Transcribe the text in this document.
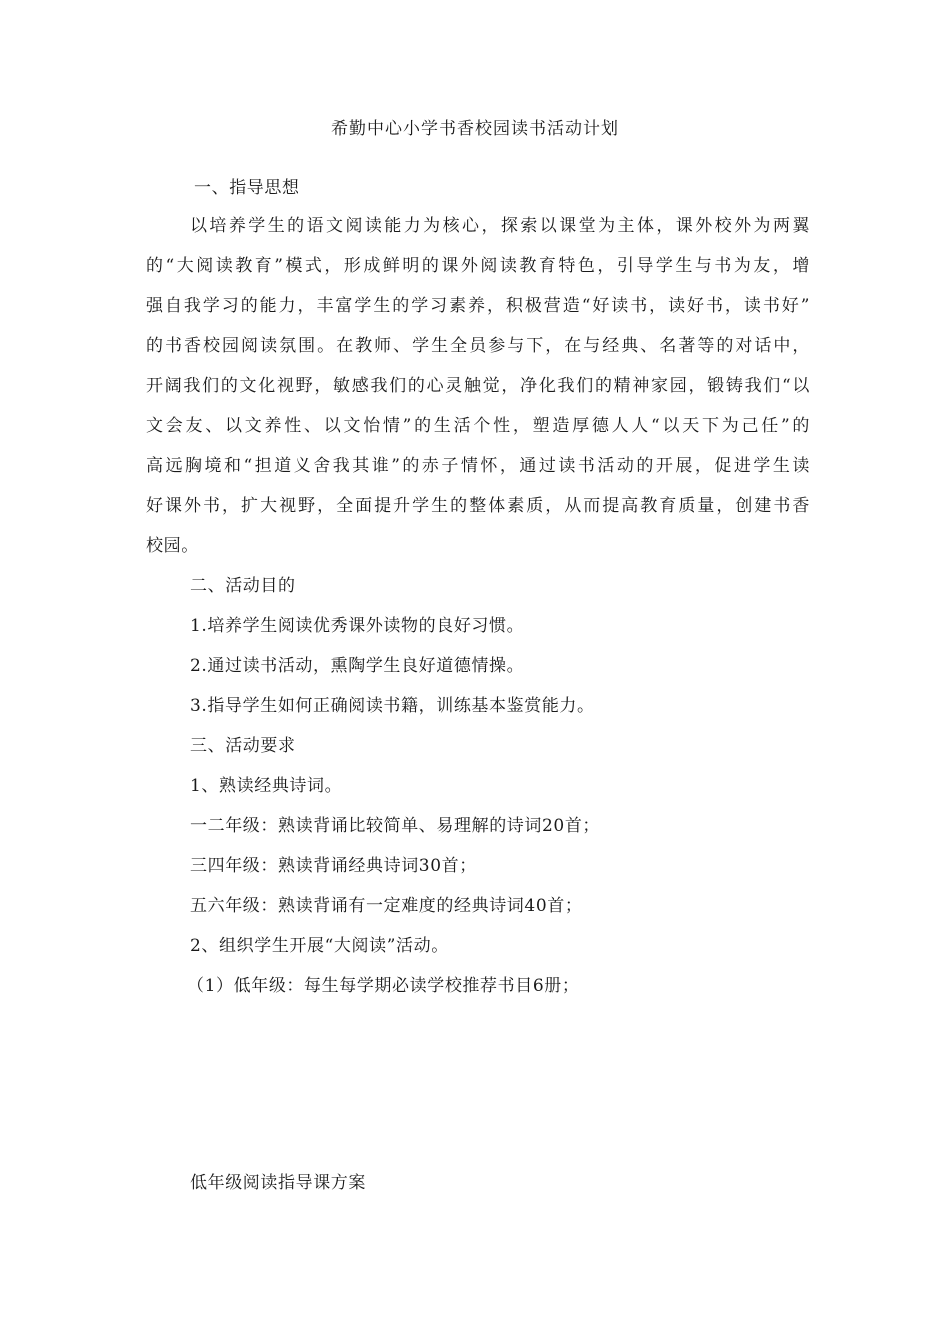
希勤中心小学书香校园读书活动计划
一、指导思想
以培养学生的语文阅读能力为核心，探索以课堂为主体，课外校外为两翼
的“大阅读教育”模式，形成鲜明的课外阅读教育特色，引导学生与书为友，增
强自我学习的能力，丰富学生的学习素养，积极营造“好读书，读好书，读书好”
的书香校园阅读氛围。在教师、学生全员参与下，在与经典、名著等的对话中，
开阔我们的文化视野，敏感我们的心灵触觉，净化我们的精神家园，锻铸我们“以
文会友、以文养性、以文怡情”的生活个性，塑造厚德人人“以天下为己任”的
高远胸境和“担道义舍我其谁”的赤子情怀，通过读书活动的开展，促进学生读
好课外书，扩大视野，全面提升学生的整体素质，从而提高教育质量，创建书香
校园。
二、活动目的
1.培养学生阅读优秀课外读物的良好习惯。
2.通过读书活动，熏陶学生良好道德情操。
3.指导学生如何正确阅读书籍，训练基本鉴赏能力。
三、活动要求
1、熟读经典诗词。
一二年级：熟读背诵比较简单、易理解的诗词20首；
三四年级：熟读背诵经典诗词30首；
五六年级：熟读背诵有一定难度的经典诗词40首；
2、组织学生开展“大阅读”活动。
（1）低年级：每生每学期必读学校推荐书目6册；
低年级阅读指导课方案
